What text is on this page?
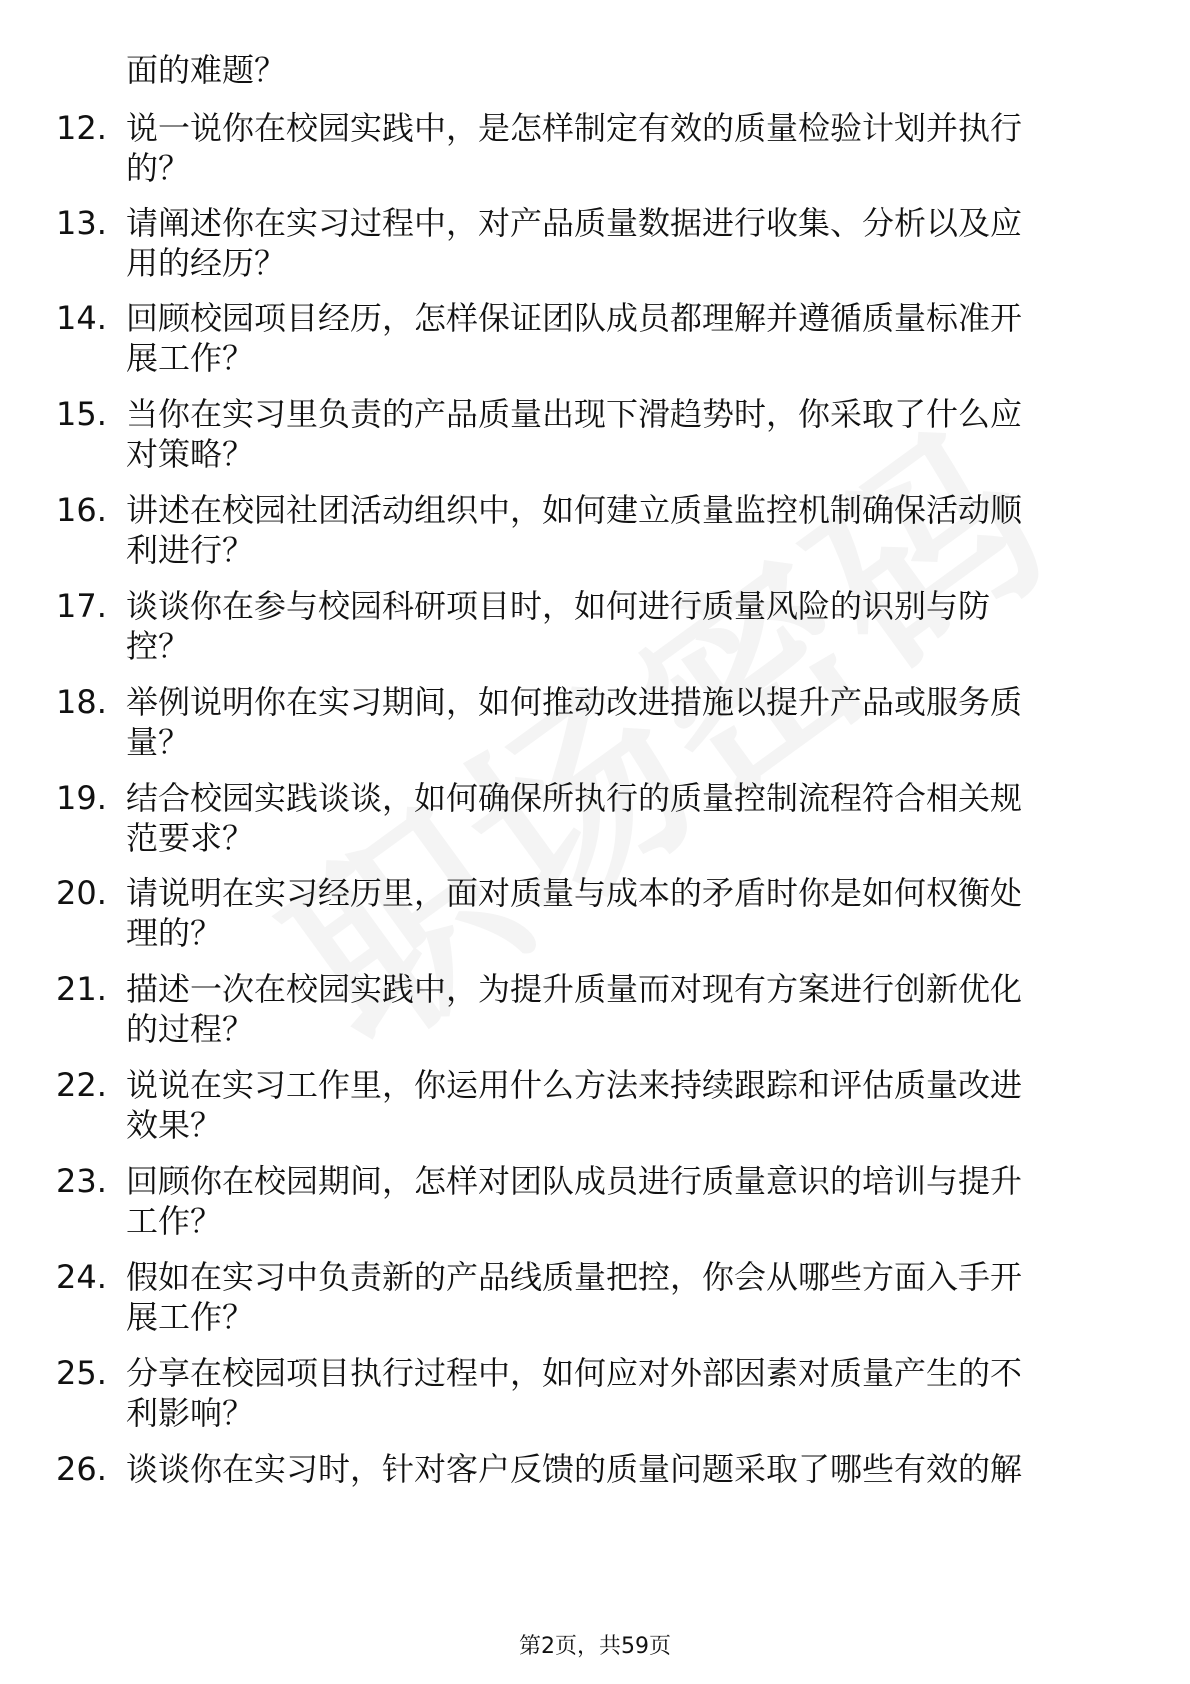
面的难题？
12. 说一说你在校园实践中，是怎样制定有效的质量检验计划并执行
的？
13. 请阐述你在实习过程中，对产品质量数据进行收集、分析以及应
用的经历？
14. 回顾校园项目经历，怎样保证团队成员都理解并遵循质量标准开
展工作？
15. 当你在实习里负责的产品质量出现下滑趋势时，你采取了什么应
对策略？
16. 讲述在校园社团活动组织中，如何建立质量监控机制确保活动顺
利进行？
17. 谈谈你在参与校园科研项目时，如何进行质量风险的识别与防
控？
18. 举例说明你在实习期间，如何推动改进措施以提升产品或服务质
量？
19. 结合校园实践谈谈，如何确保所执行的质量控制流程符合相关规
范要求？
20. 请说明在实习经历里，面对质量与成本的矛盾时你是如何权衡处
理的？
21. 描述一次在校园实践中，为提升质量而对现有方案进行创新优化
的过程？
22. 说说在实习工作里，你运用什么方法来持续跟踪和评估质量改进
效果？
23. 回顾你在校园期间，怎样对团队成员进行质量意识的培训与提升
工作？
24. 假如在实习中负责新的产品线质量把控，你会从哪些方面入手开
展工作？
25. 分享在校园项目执行过程中，如何应对外部因素对质量产生的不
利影响？
26. 谈谈你在实习时，针对客户反馈的质量问题采取了哪些有效的解
第2页，共59页
